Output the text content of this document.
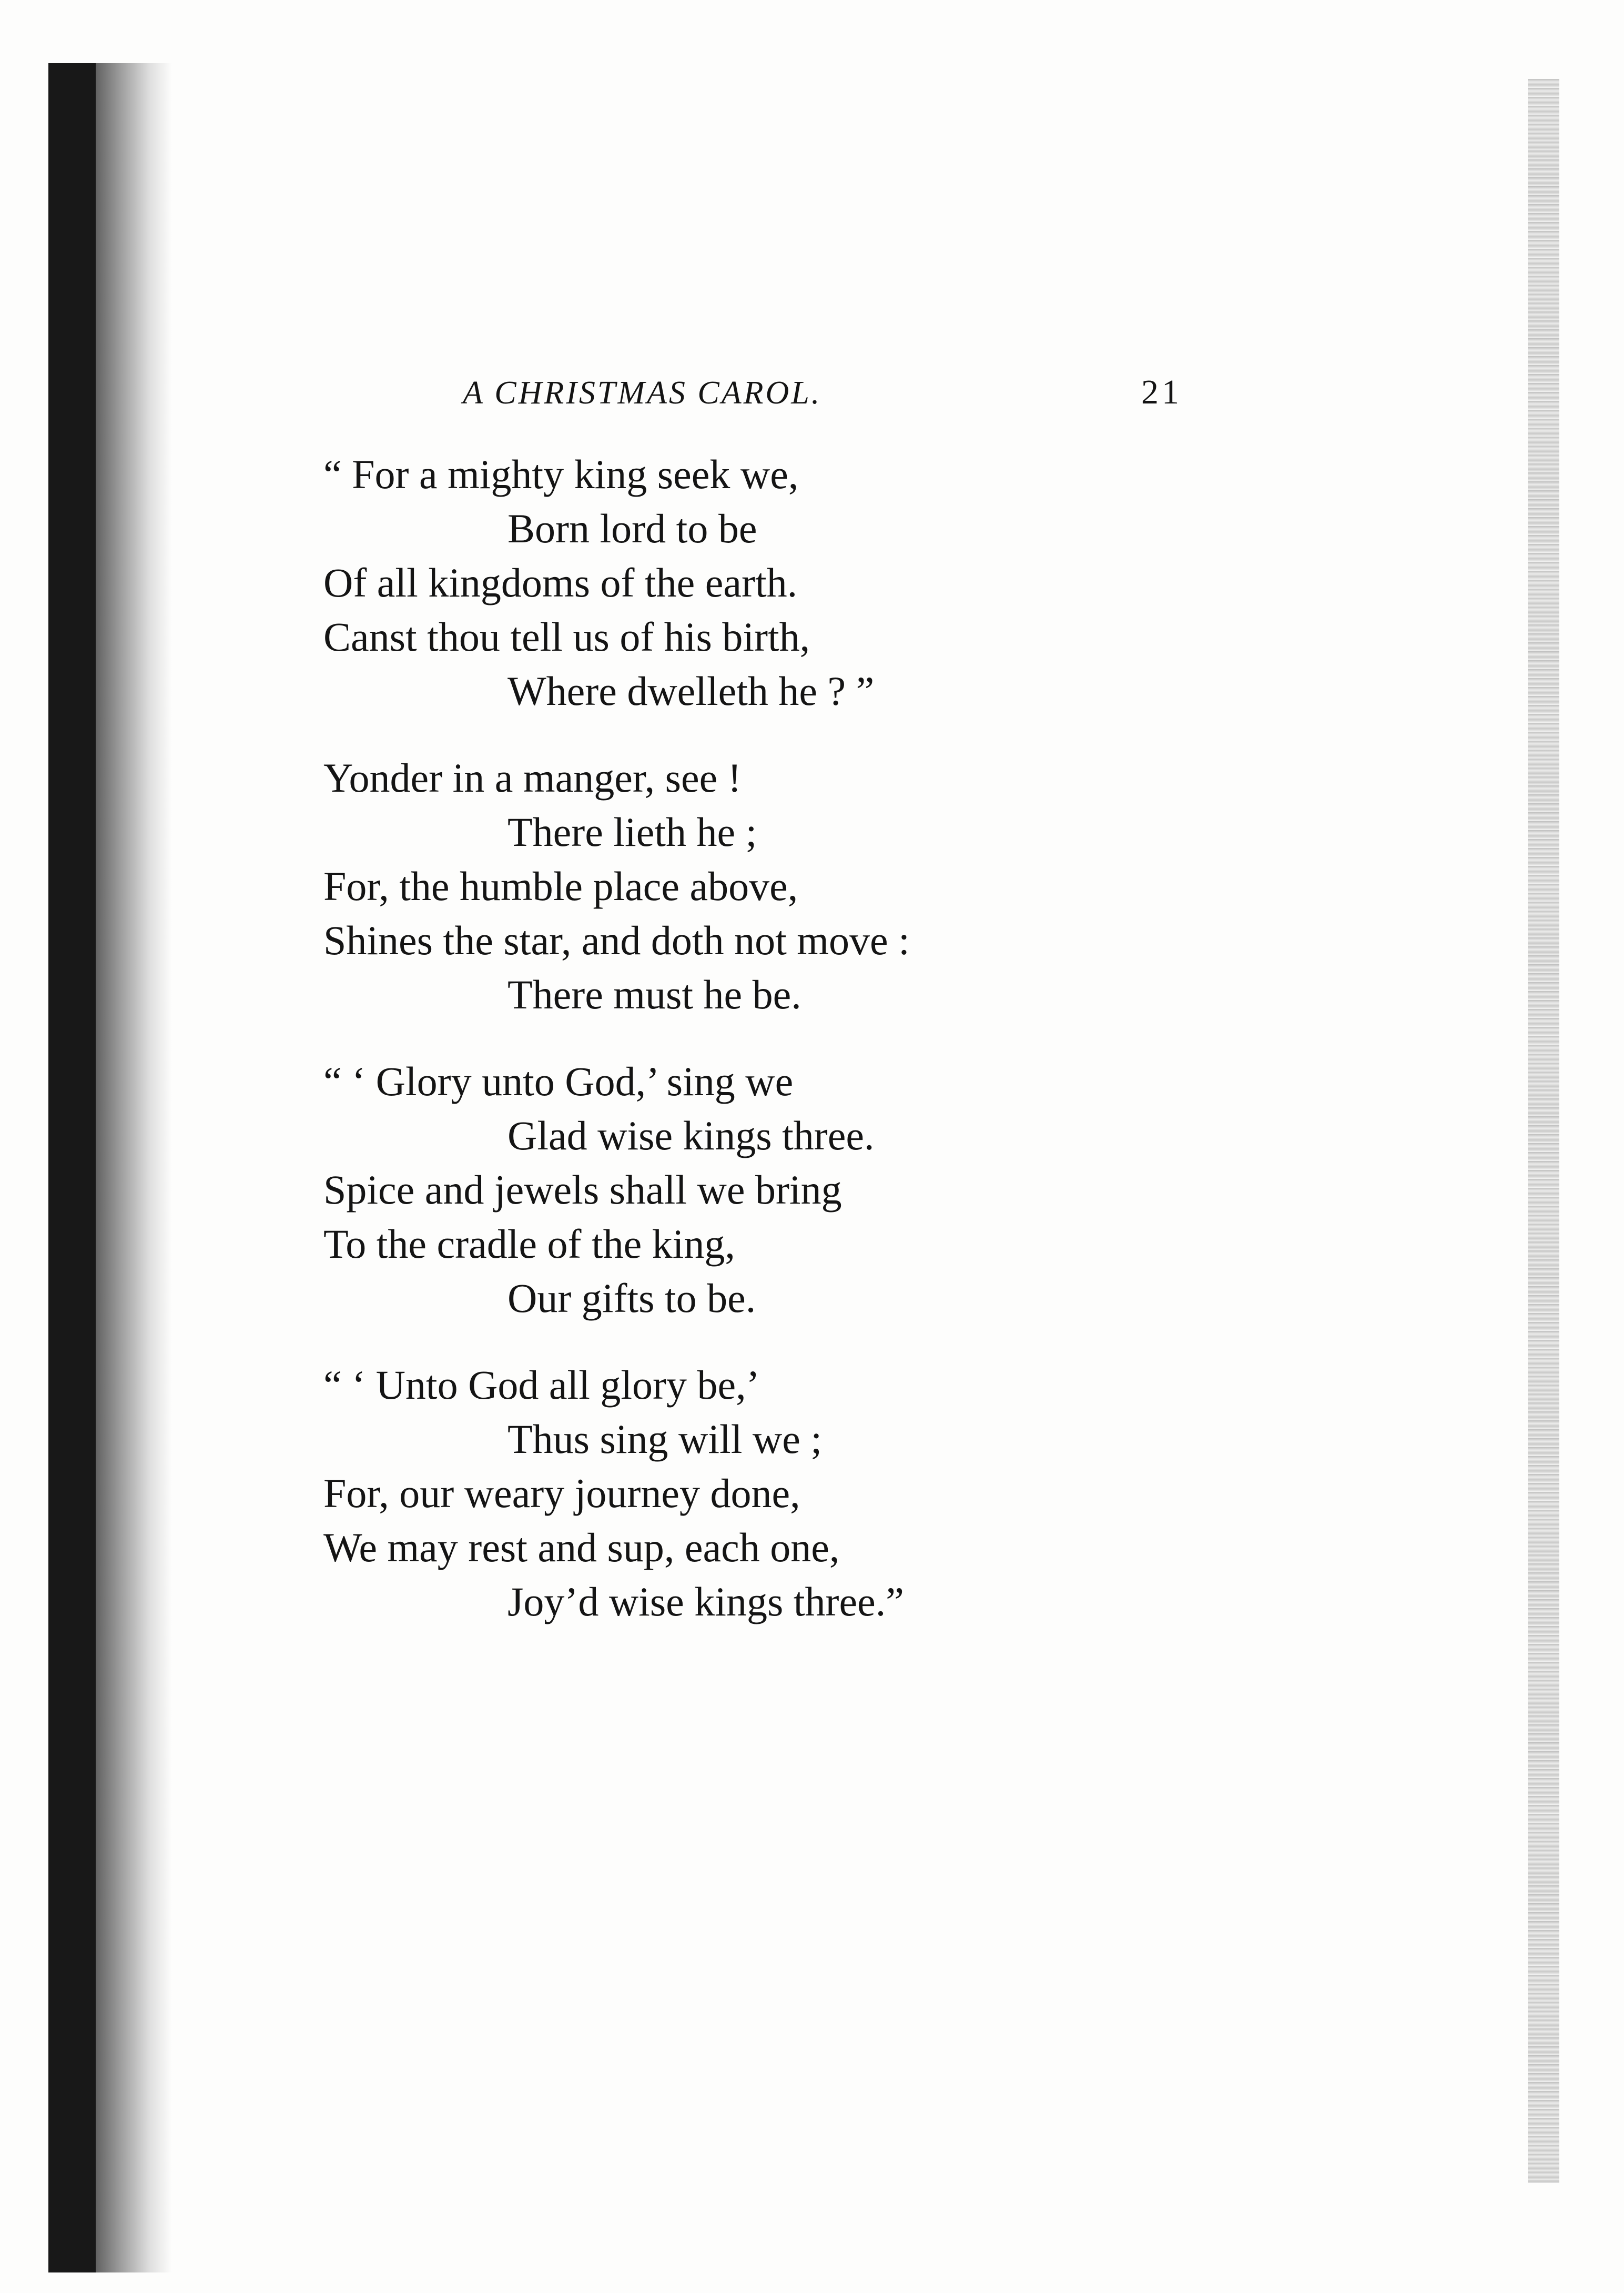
A CHRISTMAS CAROL.	21
“ For a mighty king seek we,
Born lord to be
Of all kingdoms of the earth.
Canst thou tell us of his birth,
Where dwelleth he ? ”
Yonder in a manger, see !
There lieth he ;
For, the humble place above,
Shines the star, and doth not move :
There must he be.
“ ‘ Glory unto God,’ sing we
Glad wise kings three.
Spice and jewels shall we bring
To the cradle of the king,
Our gifts to be.
“ ‘ Unto God all glory be,’
Thus sing will we ;
For, our weary journey done,
We may rest and sup, each one,
Joy’d wise kings three.”
